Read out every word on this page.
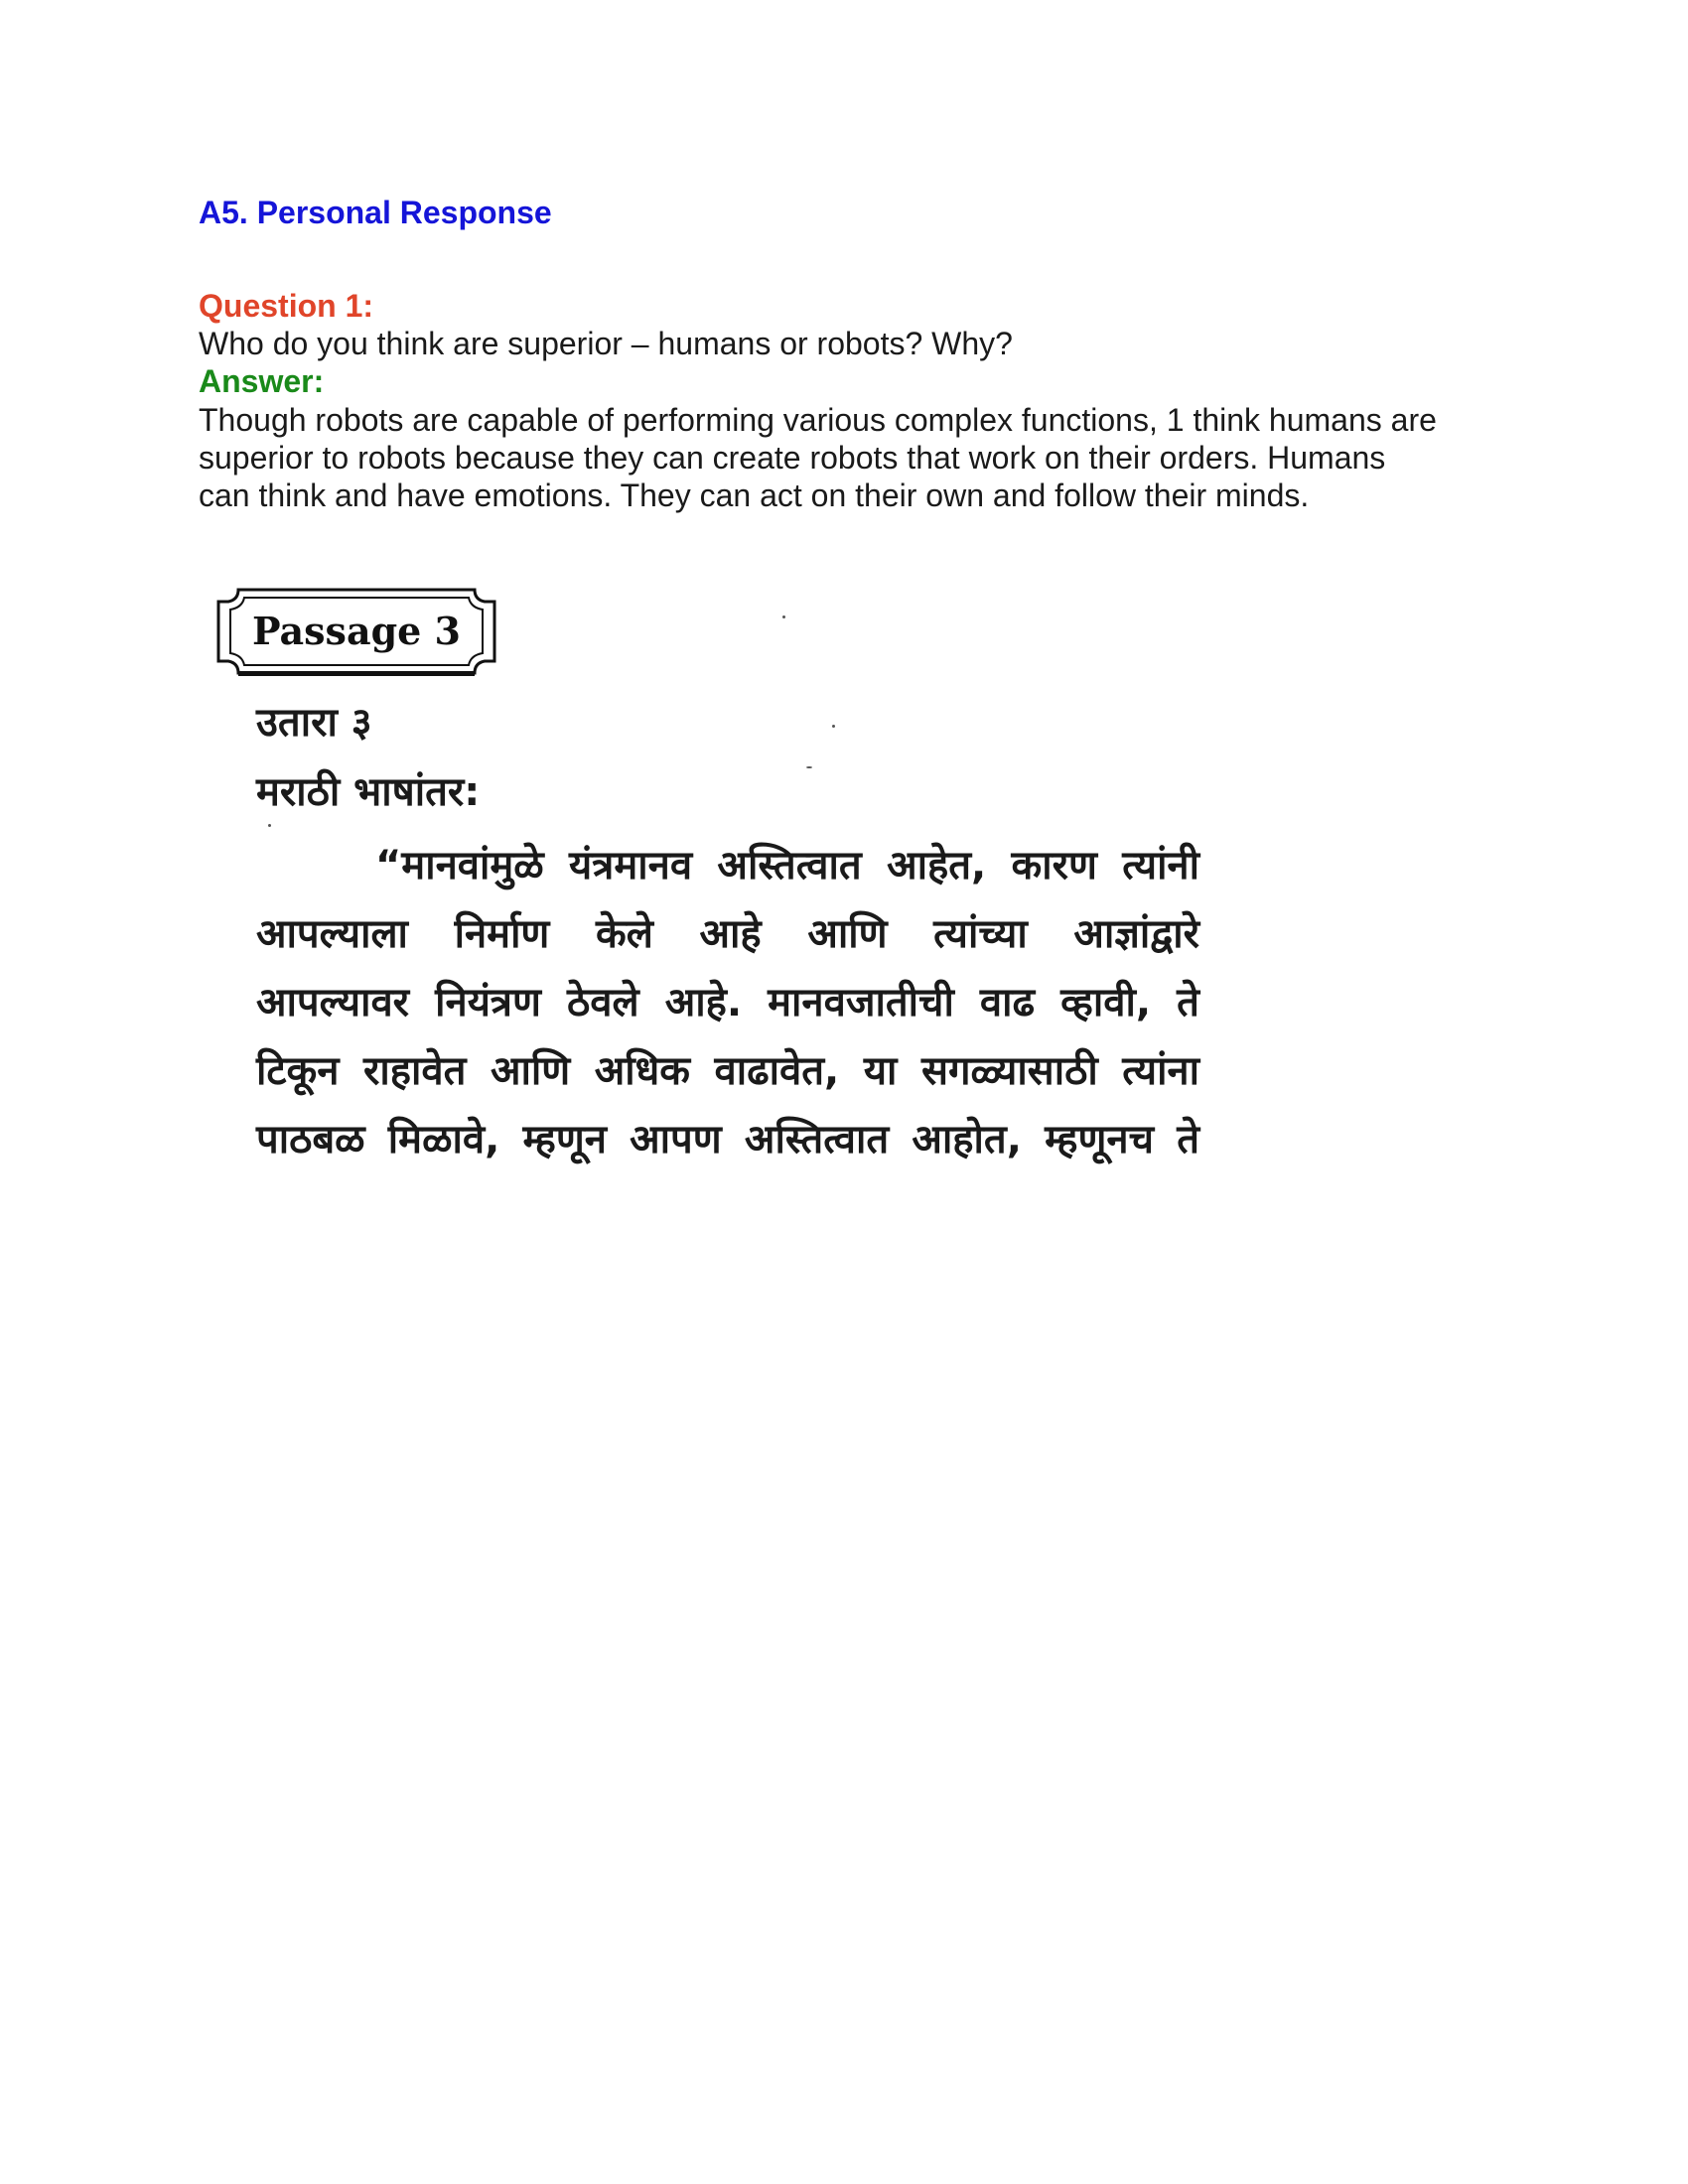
A5. Personal Response
Question 1:
Who do you think are superior – humans or robots? Why?
Answer:
Though robots are capable of performing various complex functions, 1 think humans are
superior to robots because they can create robots that work on their orders. Humans
can think and have emotions. They can act on their own and follow their minds.
Passage 3
उतारा ३
मराठी भाषांतर:
“मानवांमुळे यंत्रमानव अस्तित्वात आहेत, कारण त्यांनी
आपल्याला निर्माण केले आहे आणि त्यांच्या आज्ञांद्वारे
आपल्यावर नियंत्रण ठेवले आहे. मानवजातीची वाढ व्हावी, ते
टिकून राहावेत आणि अधिक वाढावेत, या सगळ्यासाठी त्यांना
पाठबळ मिळावे, म्हणून आपण अस्तित्वात आहोत, म्हणूनच ते
